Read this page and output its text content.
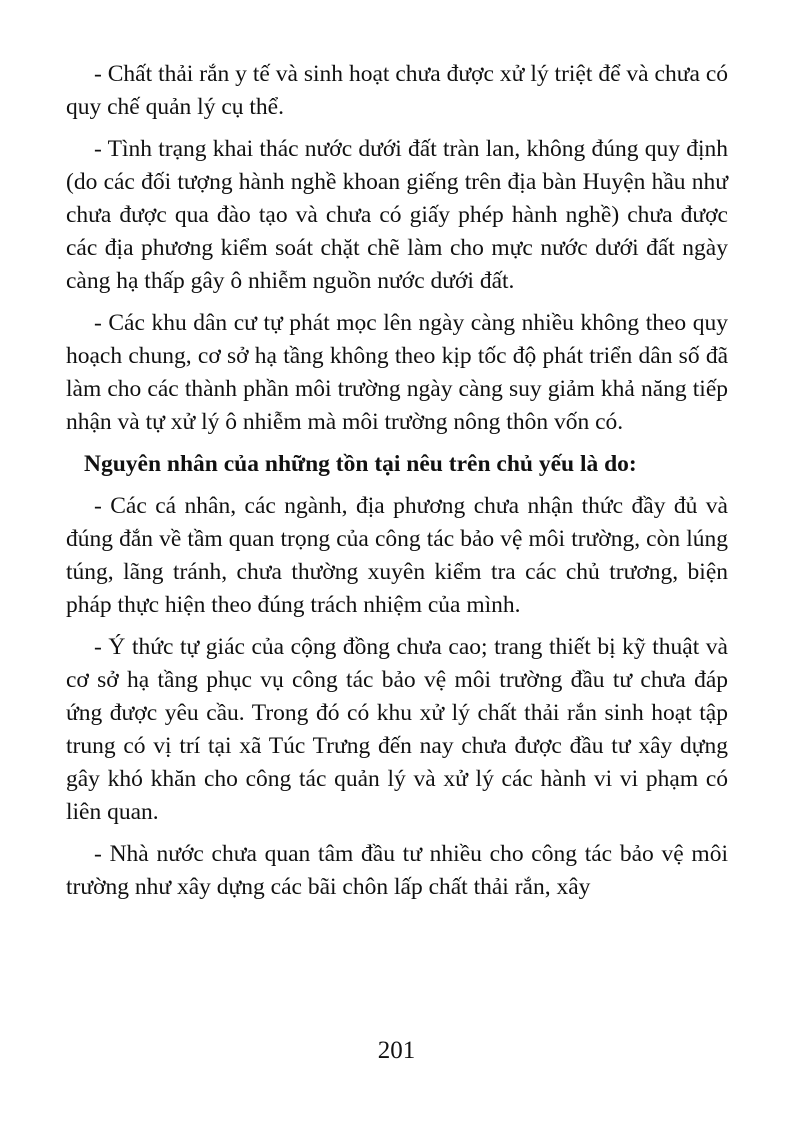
- Chất thải rắn y tế và sinh hoạt chưa được xử lý triệt để và chưa có quy chế quản lý cụ thể.

- Tình trạng khai thác nước dưới đất tràn lan, không đúng quy định (do các đối tượng hành nghề khoan giếng trên địa bàn Huyện hầu như chưa được qua đào tạo và chưa có giấy phép hành nghề) chưa được các địa phương kiểm soát chặt chẽ làm cho mực nước dưới đất ngày càng hạ thấp gây ô nhiễm nguồn nước dưới đất.

- Các khu dân cư tự phát mọc lên ngày càng nhiều không theo quy hoạch chung, cơ sở hạ tầng không theo kịp tốc độ phát triển dân số đã làm cho các thành phần môi trường ngày càng suy giảm khả năng tiếp nhận và tự xử lý ô nhiễm mà môi trường nông thôn vốn có.

Nguyên nhân của những tồn tại nêu trên chủ yếu là do:

- Các cá nhân, các ngành, địa phương chưa nhận thức đầy đủ và đúng đắn về tầm quan trọng của công tác bảo vệ môi trường, còn lúng túng, lãng tránh, chưa thường xuyên kiểm tra các chủ trương, biện pháp thực hiện theo đúng trách nhiệm của mình.

- Ý thức tự giác của cộng đồng chưa cao; trang thiết bị kỹ thuật và cơ sở hạ tầng phục vụ công tác bảo vệ môi trường đầu tư chưa đáp ứng được yêu cầu. Trong đó có khu xử lý chất thải rắn sinh hoạt tập trung có vị trí tại xã Túc Trưng đến nay chưa được đầu tư xây dựng gây khó khăn cho công tác quản lý và xử lý các hành vi vi phạm có liên quan.

- Nhà nước chưa quan tâm đầu tư nhiều cho công tác bảo vệ môi trường như xây dựng các bãi chôn lấp chất thải rắn, xây

201
